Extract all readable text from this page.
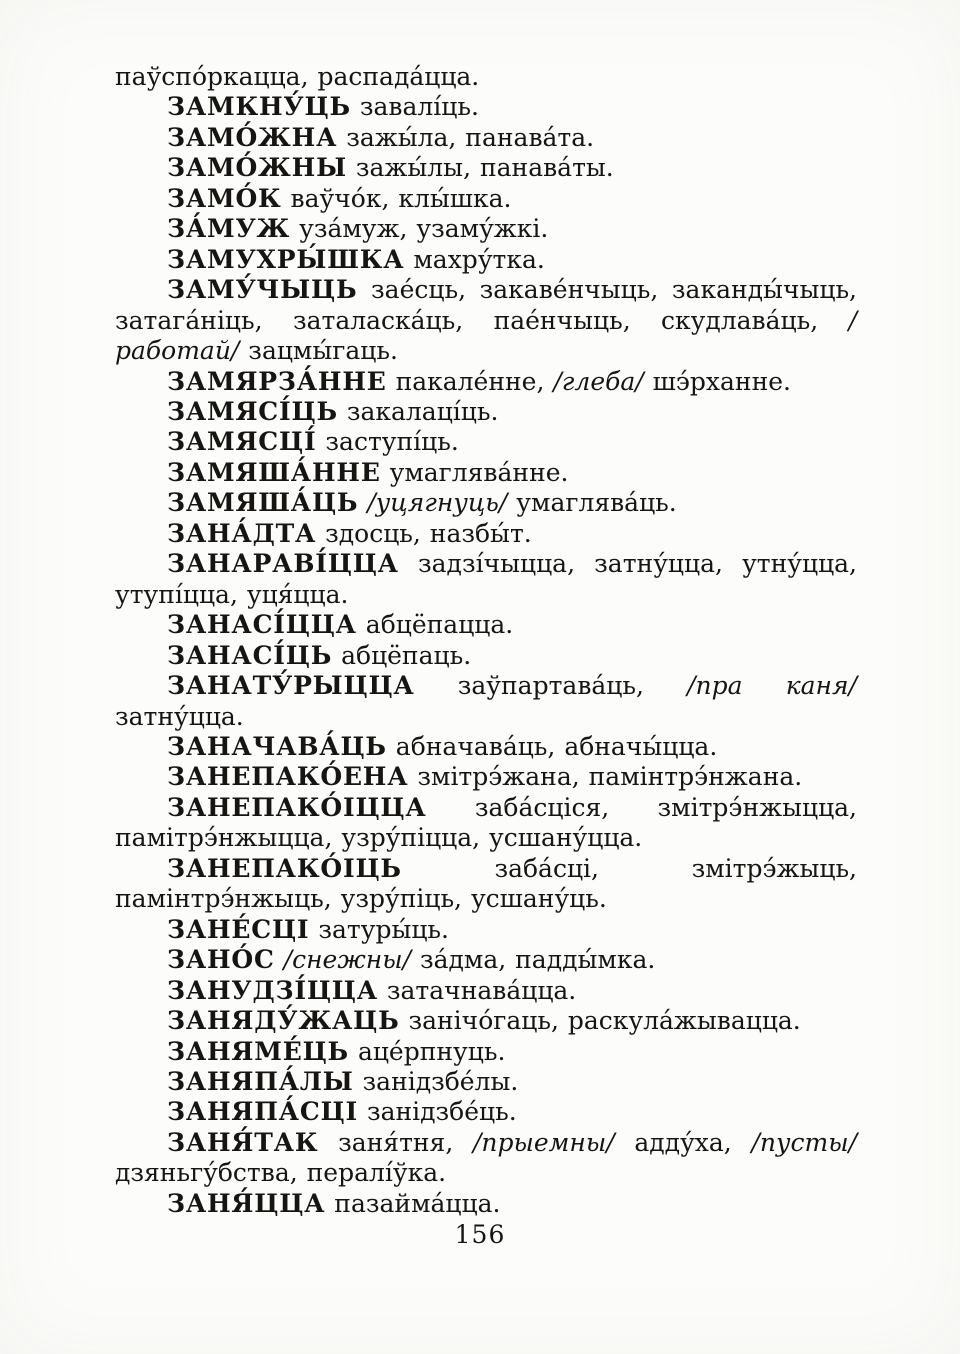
паўспо́ркацца, распада́цца.

ЗАМКНУ́ЦЬ завалі́ць.

ЗАМО́ЖНА зажы́ла, панава́та.

ЗАМО́ЖНЫ зажы́лы, панава́ты.

ЗАМО́К ваўчо́к, клы́шка.

ЗА́МУЖ уза́муж, узаму́жкі.

ЗАМУХРЫ́ШКА махру́тка.

ЗАМУ́ЧЫЦЬ зае́сць, закаве́нчыць, заканды́чыць, затага́ніць, заталаска́ць, пае́нчыць, скудлава́ць, /работай/ зацмы́гаць.

ЗАМЯРЗА́ННЕ пакале́нне, /глеба/ шэ́рханне.

ЗАМЯСІ́ЦЬ закалаці́ць.

ЗАМЯСЦІ́ заступі́ць.

ЗАМЯША́ННЕ умаглява́нне.

ЗАМЯША́ЦЬ /уцягнуць/ умаглява́ць.

ЗАНА́ДТА здосць, назбы́т.

ЗАНАРАВІ́ЦЦА задзі́чыцца, затну́цца, утну́цца, утупі́цца, уця́цца.

ЗАНАСІ́ЦЦА абцёпацца.

ЗАНАСІ́ЦЬ абцёпаць.

ЗАНАТУ́РЫЦЦА заўпартава́ць, /пра каня/ затну́цца.

ЗАНАЧАВА́ЦЬ абначава́ць, абначы́цца.

ЗАНЕПАКО́ЕНА змітрэ́жана, памінтрэ́нжана.

ЗАНЕПАКО́ІЦЦА заба́сціся, змітрэ́нжыцца, памітрэ́нжыцца, узру́піцца, усшану́цца.

ЗАНЕПАКО́ІЦЬ	заба́сці, змітрэ́жыць, памінтрэ́нжыць, узру́піць, усшану́ць.

ЗАНЕ́СЦІ затуры́ць.

ЗАНО́С /снежны/ за́дма, падды́мка.

ЗАНУДЗІ́ЦЦА затачнава́цца.

ЗАНЯДУ́ЖАЦЬ занічо́гаць, раскула́жывацца.

ЗАНЯМЕ́ЦЬ аце́рпнуць.

ЗАНЯПА́ЛЫ занідзбе́лы.

ЗАНЯПА́СЦІ занідзбе́ць.

ЗАНЯ́ТАК заня́тня, /прыемны/ адду́ха, /пусты/ дзяньгу́бства, пералі́ўка.

ЗАНЯ́ЦЦА пазайма́цца.

156
